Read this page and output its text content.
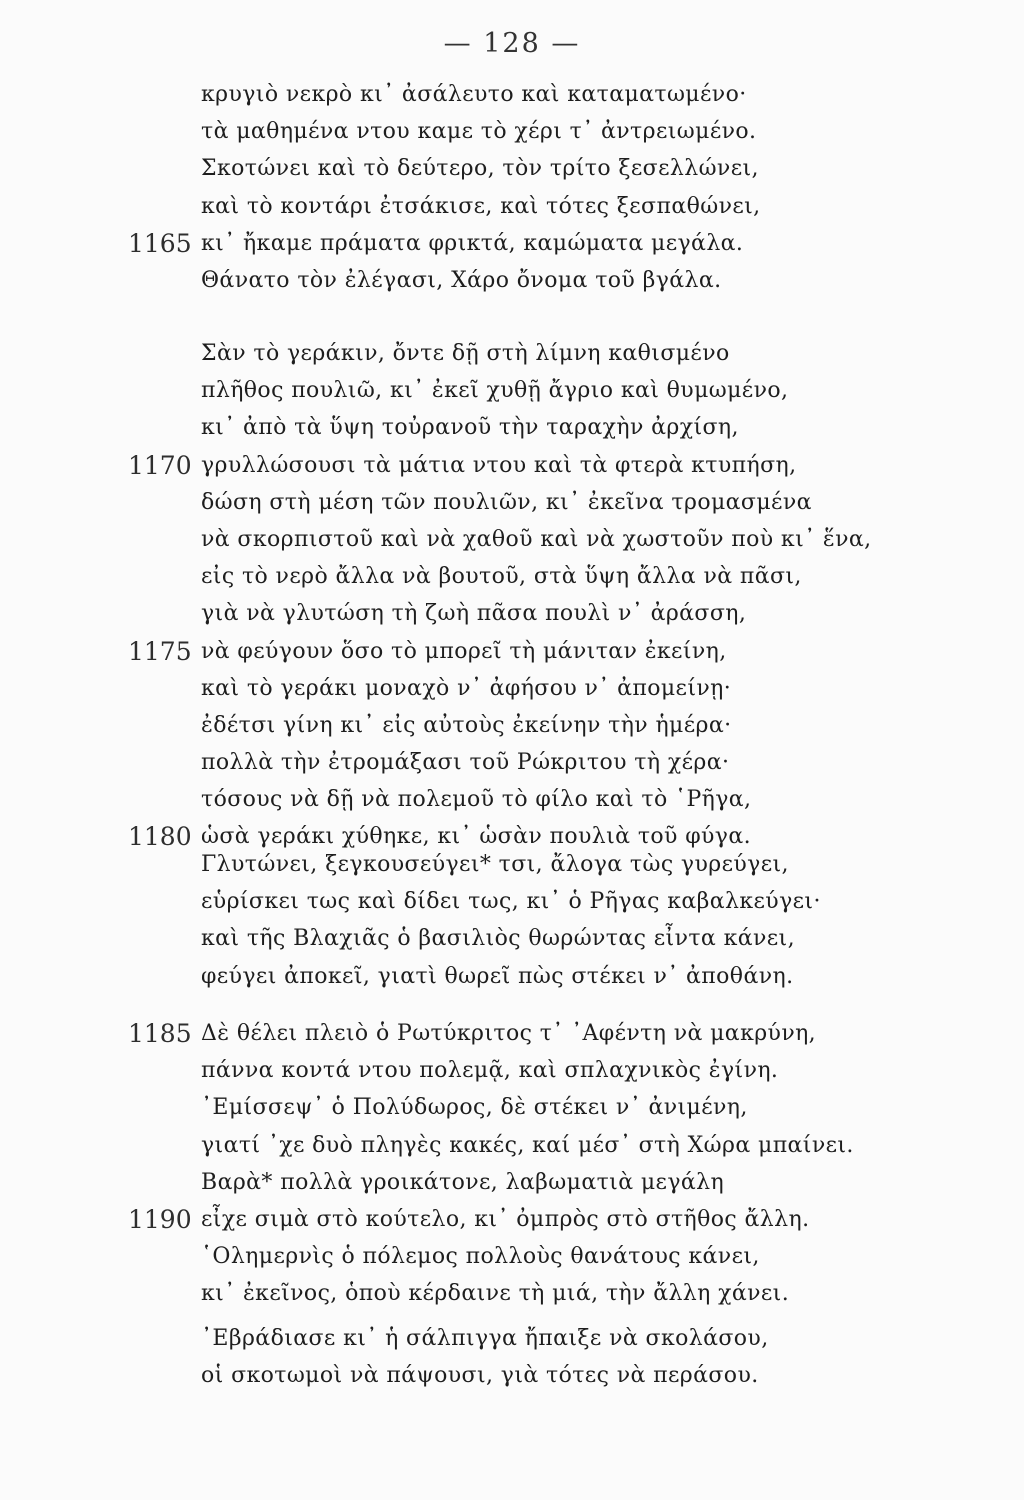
— 128 —
κρυγιὸ νεκρὸ κι᾿ ἀσάλευτο καὶ καταματωμένο·
τὰ μαθημένα ντου καμε τὸ χέρι τ᾿ ἀντρειωμένο.
Σκοτώνει καὶ τὸ δεύτερο, τὸν τρίτο ξεσελλώνει,
καὶ τὸ κοντάρι ἐτσάκισε, καὶ τότες ξεσπαθώνει,
1165 κι᾿ ἤκαμε πράματα φρικτά, καμώματα μεγάλα.
Θάνατο τὸν ἐλέγασι, Χάρο ὄνομα τοῦ βγάλα.
Σὰν τὸ γεράκιν, ὄντε δῇ στὴ λίμνη καθισμένο
πλῆθος πουλιῶ, κι᾿ ἐκεῖ χυθῇ ἄγριο καὶ θυμωμένο,
κι᾿ ἀπὸ τὰ ὕψη τοὐρανοῦ τὴν ταραχὴν ἀρχίση,
1170 γρυλλώσουσι τὰ μάτια ντου καὶ τὰ φτερὰ κτυπήση,
δώση στὴ μέση τῶν πουλιῶν, κι᾿ ἐκεῖνα τρομασμένα
νὰ σκορπιστοῦ καὶ νὰ χαθοῦ καὶ νὰ χωστοῦν ποὺ κι᾿ ἕνα,
εἰς τὸ νερὸ ἄλλα νὰ βουτοῦ, στὰ ὕψη ἄλλα νὰ πᾶσι,
γιὰ νὰ γλυτώση τὴ ζωὴ πᾶσα πουλὶ ν᾿ ἀράσση,
1175 νὰ φεύγουν ὅσο τὸ μπορεῖ τὴ μάνιταν ἐκείνη,
καὶ τὸ γεράκι μοναχὸ ν᾿ ἀφήσου ν᾿ ἀπομείνῃ·
ἐδέτσι γίνη κι᾿ εἰς αὐτοὺς ἐκείνην τὴν ἡμέρα·
πολλὰ τὴν ἐτρομάξασι τοῦ Ρώκριτου τὴ χέρα·
τόσους νὰ δῇ νὰ πολεμοῦ τὸ φίλο καὶ τὸ ῾Ρῆγα,
1180 ὡσὰ γεράκι χύθηκε, κι᾿ ὡσὰν πουλιὰ τοῦ φύγα.
Γλυτώνει, ξεγκουσεύγει* τσι, ἄλογα τὼς γυρεύγει,
εὑρίσκει τως καὶ δίδει τως, κι᾿ ὁ Ρῆγας καβαλκεύγει·
καὶ τῆς Βλαχιᾶς ὁ βασιλιὸς θωρώντας εἶντα κάνει,
φεύγει ἀποκεῖ, γιατὶ θωρεῖ πὼς στέκει ν᾿ ἀποθάνη.
1185 Δὲ θέλει πλειὸ ὁ Ρωτύκριτος τ᾿ ᾿Αφέντη νὰ μακρύνη,
πάννα κοντά ντου πολεμᾷ, καὶ σπλαχνικὸς ἐγίνη.
᾿Εμίσσεψ᾿ ὁ Πολύδωρος, δὲ στέκει ν᾿ ἀνιμένη,
γιατί ᾿χε δυὸ πληγὲς κακές, καί μέσ᾿ στὴ Χώρα μπαίνει.
Βαρὰ* πολλὰ γροικάτονε, λαβωματιὰ μεγάλη
1190 εἶχε σιμὰ στὸ κούτελο, κι᾿ ὀμπρὸς στὸ στῆθος ἄλλη.
῾Ολημερνὶς ὁ πόλεμος πολλοὺς θανάτους κάνει,
κι᾿ ἐκεῖνος, ὁποὺ κέρδαινε τὴ μιά, τὴν ἄλλη χάνει.
᾿Εβράδιασε κι᾿ ἡ σάλπιγγα ἤπαιξε νὰ σκολάσου,
οἱ σκοτωμοὶ νὰ πάψουσι, γιὰ τότες νὰ περάσου.
